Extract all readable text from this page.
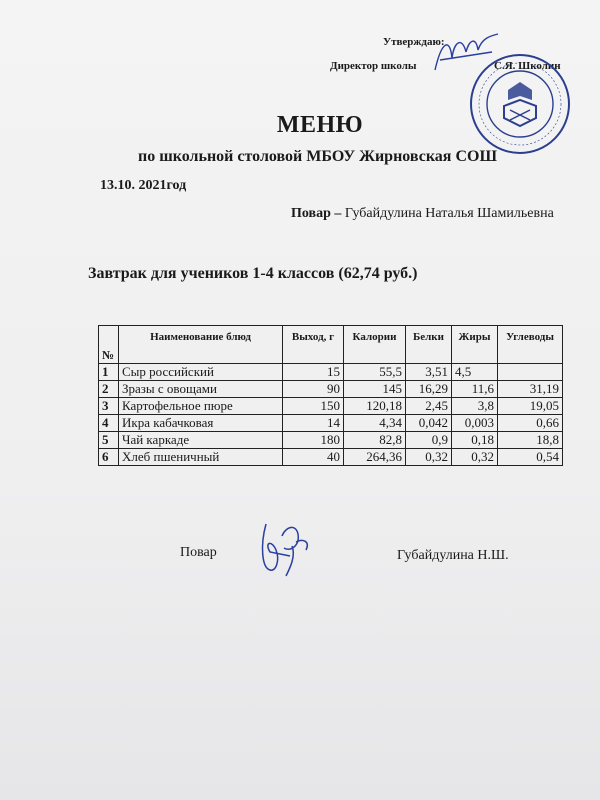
Утверждаю:
Директор школы	С.Я. Школин
МЕНЮ
по школьной столовой МБОУ Жирновская СОШ
13.10. 2021год
Повар – Губайдулина Наталья Шамильевна
Завтрак для учеников 1-4 классов (62,74 руб.)
№	Наименование блюд	Выход, г	Калории	Белки	Жиры	Углеводы
1	Сыр российский	15	55,5	3,51	4,5	
2	Зразы с овощами	90	145	16,29	11,6	31,19
3	Картофельное пюре	150	120,18	2,45	3,8	19,05
4	Икра кабачковая	14	4,34	0,042	0,003	0,66
5	Чай каркаде	180	82,8	0,9	0,18	18,8
6	Хлеб пшеничный	40	264,36	0,32	0,32	0,54
Повар	Губайдулина Н.Ш.
